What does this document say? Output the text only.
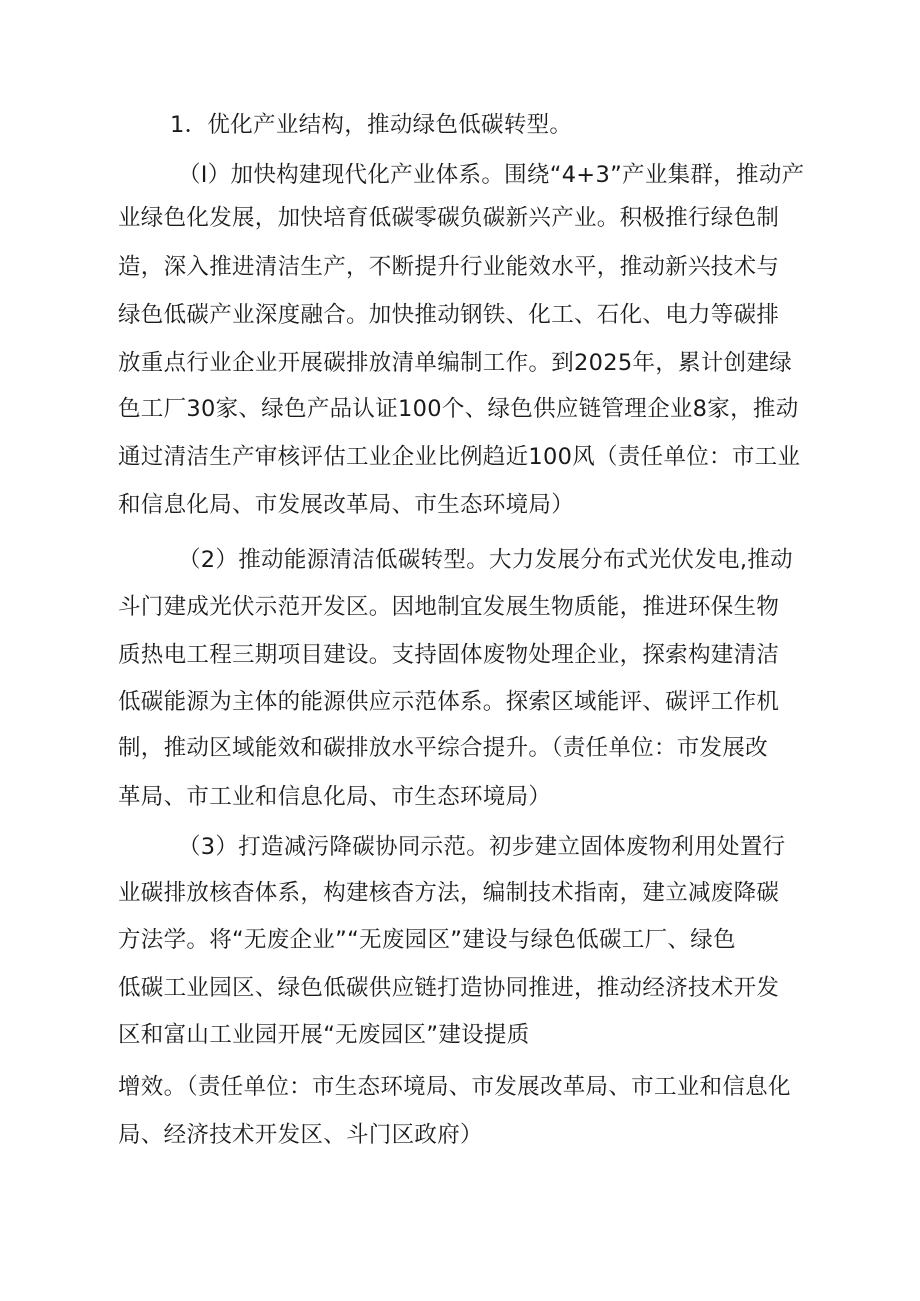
1．优化产业结构，推动绿色低碳转型。
（I）加快构建现代化产业体系。围绕“4+3”产业集群，推动产
业绿色化发展，加快培育低碳零碳负碳新兴产业。积极推行绿色制
造，深入推进清洁生产，不断提升行业能效水平，推动新兴技术与
绿色低碳产业深度融合。加快推动钢铁、化工、石化、电力等碳排
放重点行业企业开展碳排放清单编制工作。到2025年，累计创建绿
色工厂30家、绿色产品认证100个、绿色供应链管理企业8家，推动
通过清洁生产审核评估工业企业比例趋近100风（责任单位：市工业
和信息化局、市发展改革局、市生态环境局）
（2）推动能源清洁低碳转型。大力发展分布式光伏发电,推动
斗门建成光伏示范开发区。因地制宜发展生物质能，推进环保生物
质热电工程三期项目建设。支持固体废物处理企业，探索构建清洁
低碳能源为主体的能源供应示范体系。探索区域能评、碳评工作机
制，推动区域能效和碳排放水平综合提升。（责任单位：市发展改
革局、市工业和信息化局、市生态环境局）
（3）打造减污降碳协同示范。初步建立固体废物利用处置行
业碳排放核杳体系，构建核杳方法，编制技术指南，建立减废降碳
方法学。将“无废企业”“无废园区”建设与绿色低碳工厂、绿色
低碳工业园区、绿色低碳供应链打造协同推进，推动经济技术开发
区和富山工业园开展“无废园区”建设提质
增效。（责任单位：市生态环境局、市发展改革局、市工业和信息化
局、经济技术开发区、斗门区政府）
